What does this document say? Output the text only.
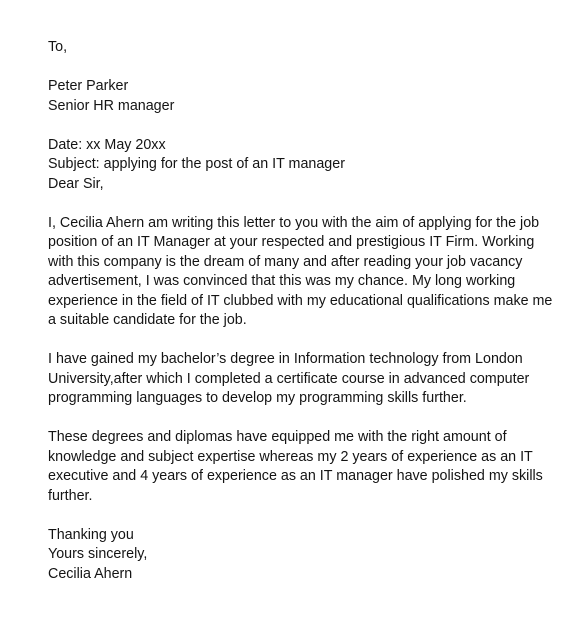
To,
Peter Parker
Senior HR manager
Date: xx May 20xx
Subject: applying for the post of an IT manager
Dear Sir,
I, Cecilia Ahern am writing this letter to you with the aim of applying for the job
position of an IT Manager at your respected and prestigious IT Firm. Working
with this company is the dream of many and after reading your job vacancy
advertisement, I was convinced that this was my chance. My long working
experience in the field of IT clubbed with my educational qualifications make me
a suitable candidate for the job.
I have gained my bachelor’s degree in Information technology from London
University,after which I completed a certificate course in advanced computer
programming languages to develop my programming skills further.
These degrees and diplomas have equipped me with the right amount of
knowledge and subject expertise whereas my 2 years of experience as an IT
executive and 4 years of experience as an IT manager have polished my skills
further.
Thanking you
Yours sincerely,
Cecilia Ahern
